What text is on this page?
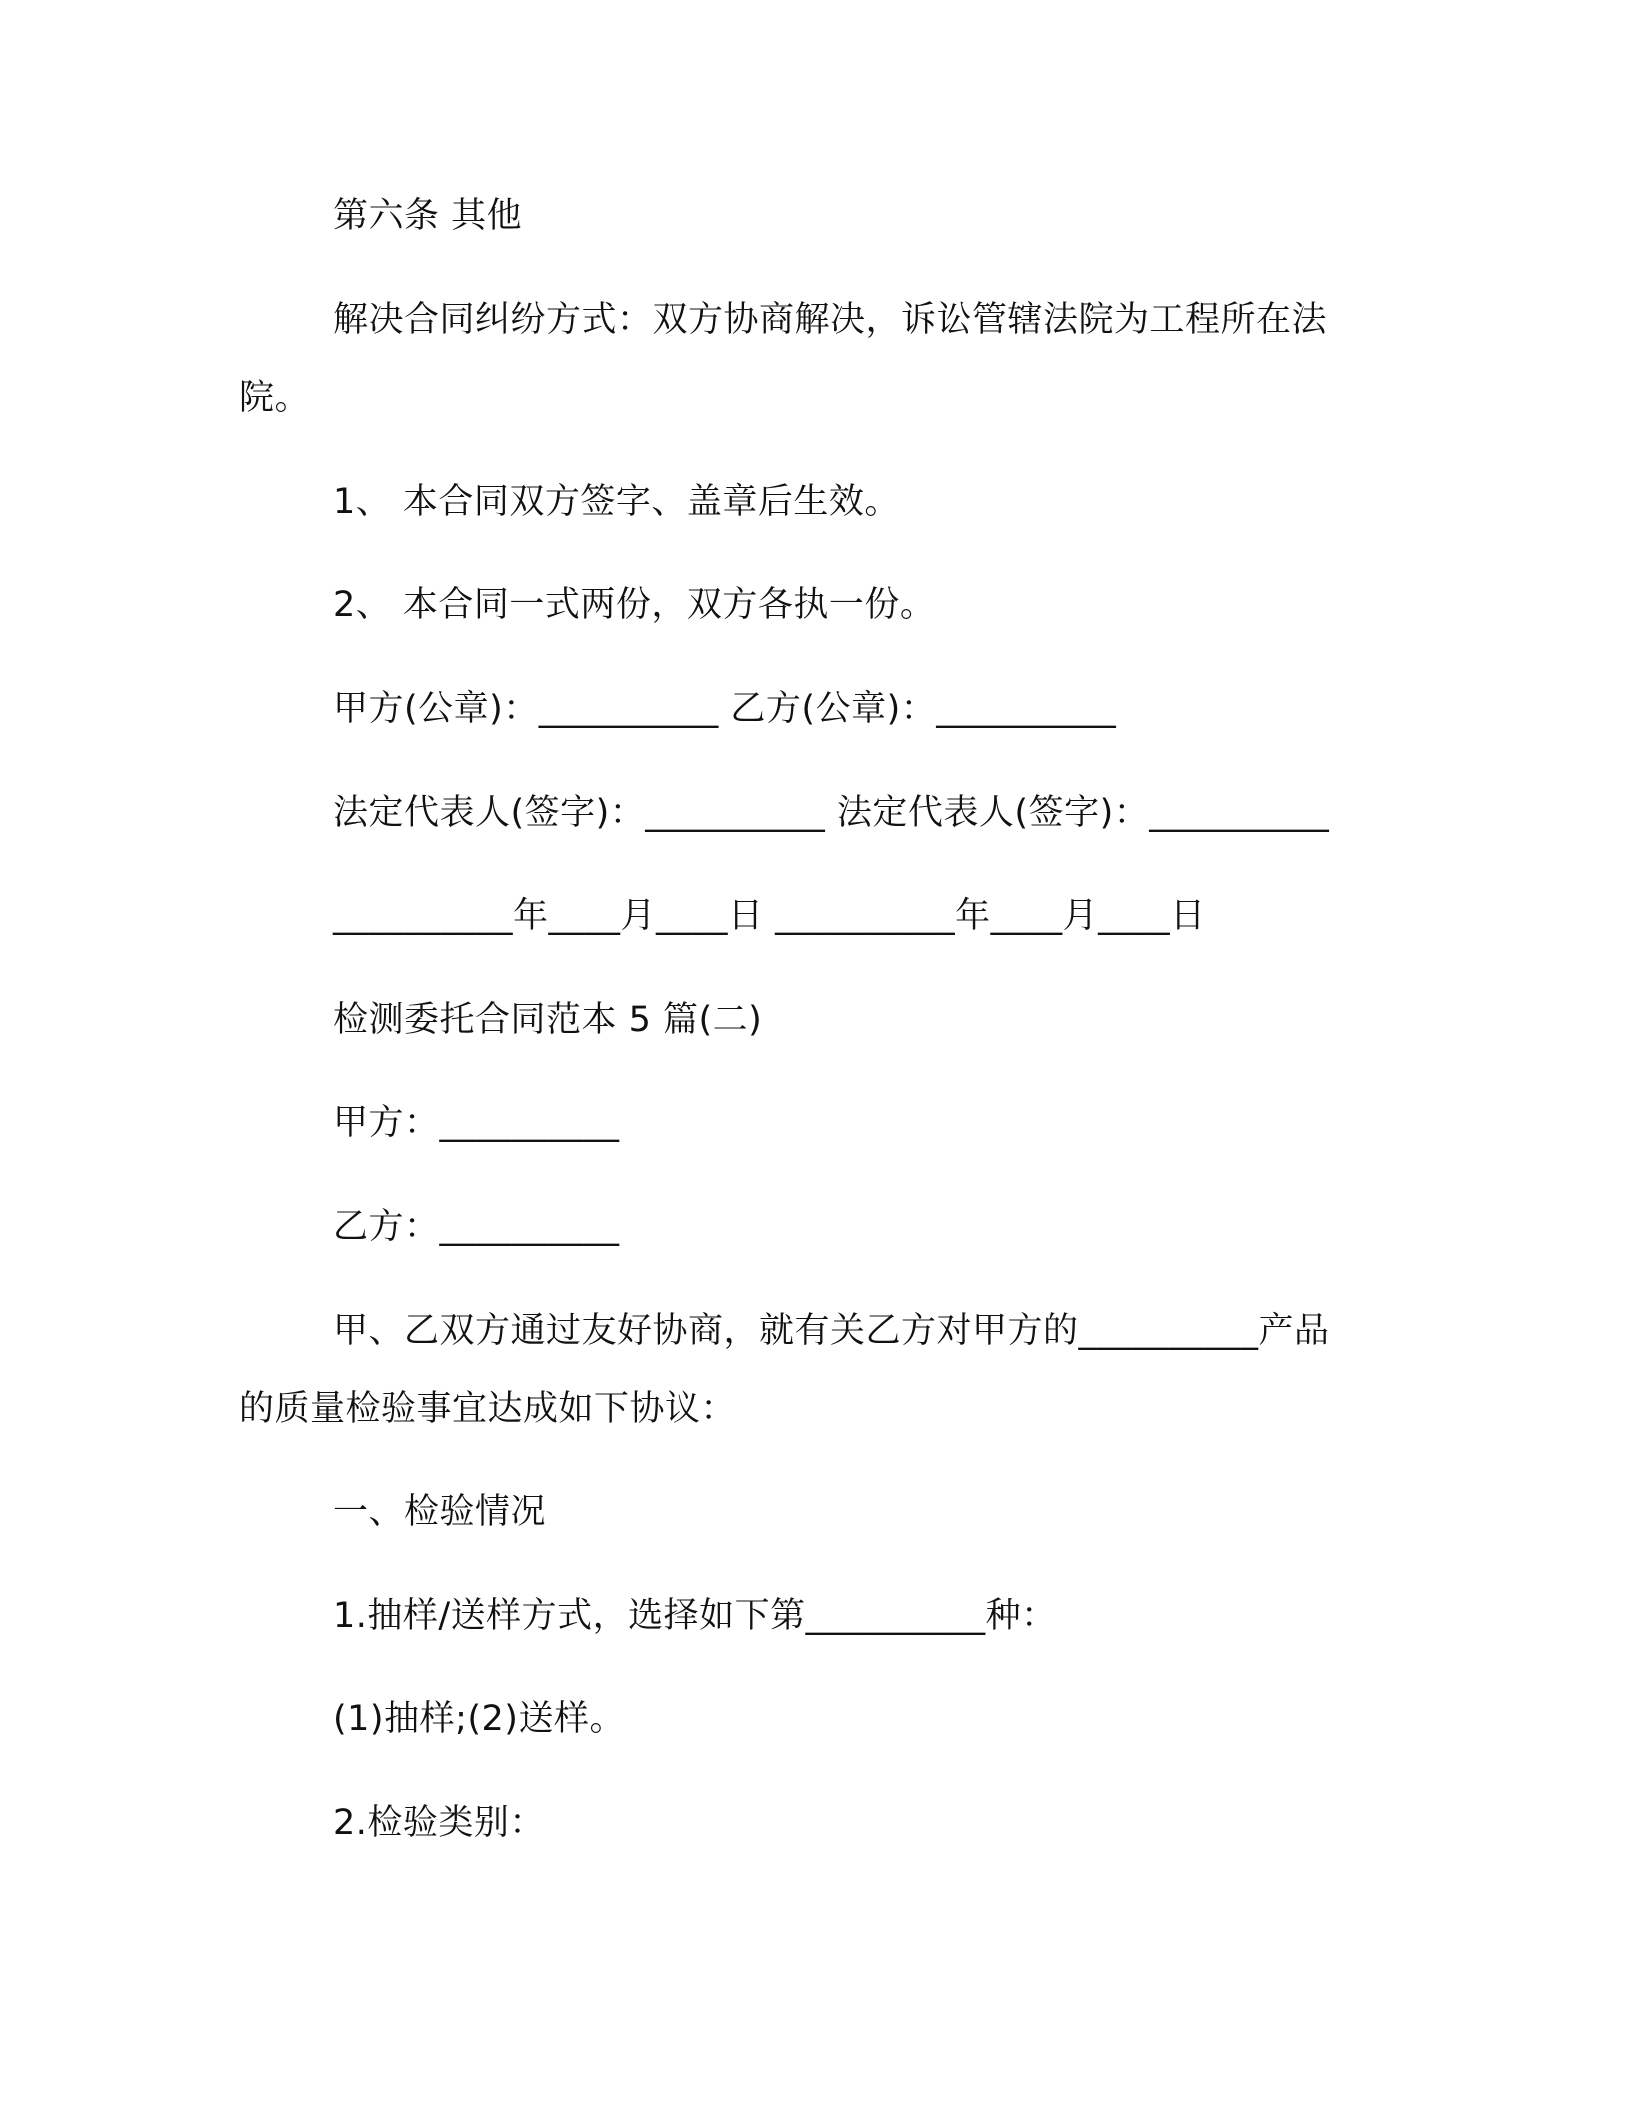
第六条 其他
解决合同纠纷方式：双方协商解决，诉讼管辖法院为工程所在法
院。
1、 本合同双方签字、盖章后生效。
2、 本合同一式两份，双方各执一份。
甲方(公章)：__________ 乙方(公章)：__________
法定代表人(签字)：__________ 法定代表人(签字)：__________
__________年____月____日 __________年____月____日
检测委托合同范本 5 篇(二)
甲方：__________
乙方：__________
甲、乙双方通过友好协商，就有关乙方对甲方的__________产品
的质量检验事宜达成如下协议：
一、检验情况
1.抽样/送样方式，选择如下第__________种：
(1)抽样;(2)送样。
2.检验类别：
